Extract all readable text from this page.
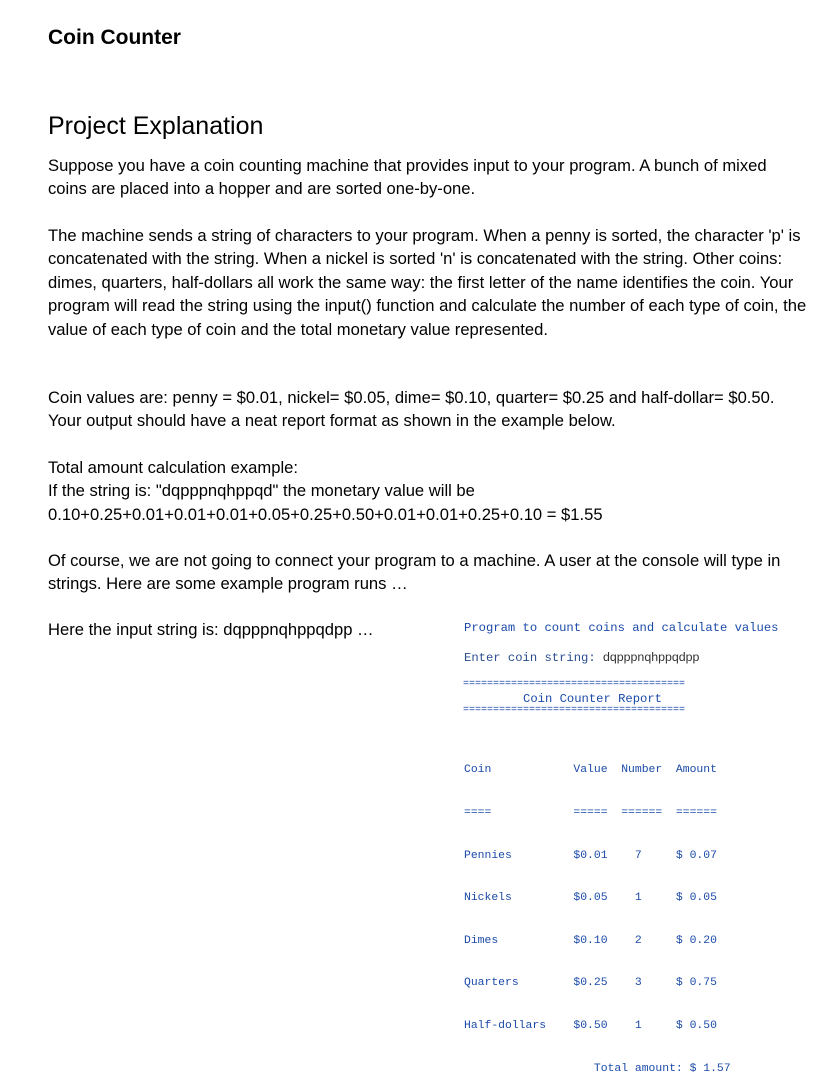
Coin Counter
Project Explanation

Suppose you have a coin counting machine that provides input to your program. A bunch of mixed coins are placed into a hopper and are sorted one-by-one.

The machine sends a string of characters to your program. When a penny is sorted, the character 'p' is concatenated with the string. When a nickel is sorted 'n' is concatenated with the string. Other coins: dimes, quarters, half-dollars all work the same way: the first letter of the name identifies the coin. Your program will read the string using the input() function and calculate the number of each type of coin, the value of each type of coin and the total monetary value represented.

Coin values are: penny = $0.01, nickel= $0.05, dime= $0.10, quarter= $0.25 and half-dollar= $0.50. Your output should have a neat report format as shown in the example below.

Total amount calculation example:
If the string is: "dqpppnqhppqd" the monetary value will be
0.10+0.25+0.01+0.01+0.01+0.05+0.25+0.50+0.01+0.01+0.25+0.10 = $1.55

Of course, we are not going to connect your program to a machine. A user at the console will type in strings. Here are some example program runs …

Here the input string is: dqpppnqhppqdpp …	Program to count coins and calculate values
Enter coin string: dqpppnqhppqdpp
=====================================
Coin Counter Report
=====================================

Coin            Value  Number  Amount

====            =====  ======  ======

Pennies         $0.01    7     $ 0.07

Nickels         $0.05    1     $ 0.05

Dimes           $0.10    2     $ 0.20

Quarters        $0.25    3     $ 0.75

Half-dollars    $0.50    1     $ 0.50

Total amount: $ 1.57
